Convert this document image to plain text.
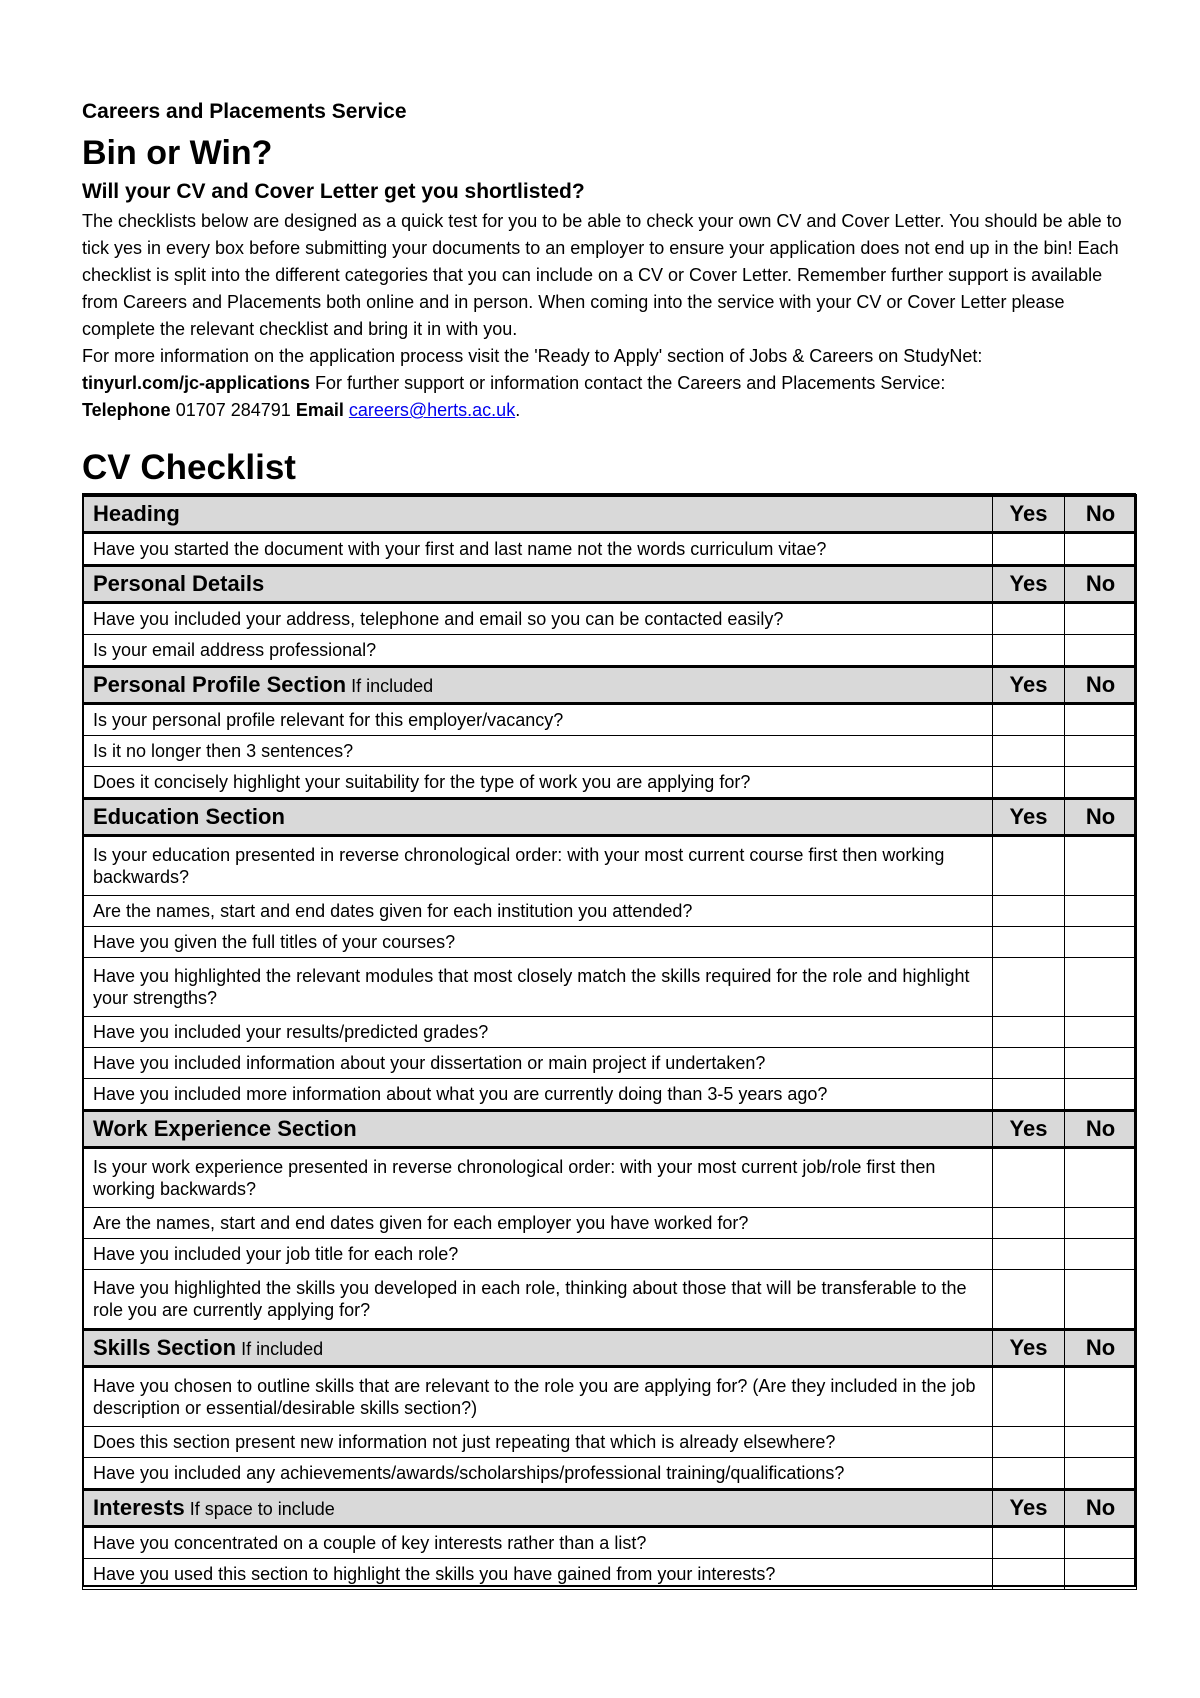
Careers and Placements Service
Bin or Win?
Will your CV and Cover Letter get you shortlisted?

The checklists below are designed as a quick test for you to be able to check your own CV and Cover Letter. You should be able to tick yes in every box before submitting your documents to an employer to ensure your application does not end up in the bin! Each checklist is split into the different categories that you can include on a CV or Cover Letter. Remember further support is available from Careers and Placements both online and in person. When coming into the service with your CV or Cover Letter please complete the relevant checklist and bring it in with you.

For more information on the application process visit the 'Ready to Apply' section of Jobs & Careers on StudyNet:

tinyurl.com/jc-applications For further support or information contact the Careers and Placements Service:
Telephone 01707 284791 Email careers@herts.ac.uk.

CV Checklist
Heading	Yes	No
Have you started the document with your first and last name not the words curriculum vitae?		
Personal Details	Yes	No
Have you included your address, telephone and email so you can be contacted easily?		
Is your email address professional?		
Personal Profile Section If included	Yes	No
Is your personal profile relevant for this employer/vacancy?		
Is it no longer then 3 sentences?		
Does it concisely highlight your suitability for the type of work you are applying for?		
Education Section	Yes	No
Is your education presented in reverse chronological order: with your most current course first then working backwards?		
Are the names, start and end dates given for each institution you attended?		
Have you given the full titles of your courses?		
Have you highlighted the relevant modules that most closely match the skills required for the role and highlight your strengths?		
Have you included your results/predicted grades?		
Have you included information about your dissertation or main project if undertaken?		
Have you included more information about what you are currently doing than 3-5 years ago?		
Work Experience Section	Yes	No
Is your work experience presented in reverse chronological order: with your most current job/role first then working backwards?		
Are the names, start and end dates given for each employer you have worked for?		
Have you included your job title for each role?		
Have you highlighted the skills you developed in each role, thinking about those that will be transferable to the role you are currently applying for?		
Skills Section If included	Yes	No
Have you chosen to outline skills that are relevant to the role you are applying for? (Are they included in the job description or essential/desirable skills section?)		
Does this section present new information not just repeating that which is already elsewhere?		
Have you included any achievements/awards/scholarships/professional training/qualifications?		
Interests If space to include	Yes	No
Have you concentrated on a couple of key interests rather than a list?		
Have you used this section to highlight the skills you have gained from your interests?		
